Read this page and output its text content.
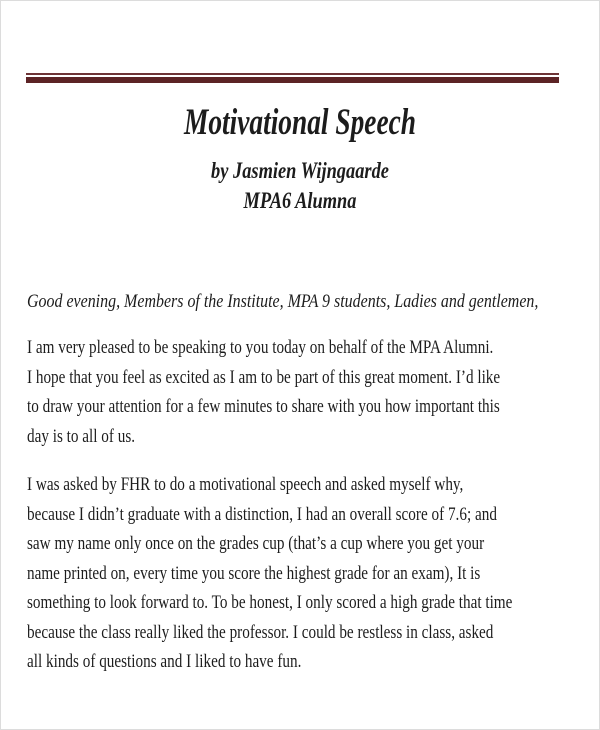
Motivational Speech
by Jasmien Wijngaarde
MPA6 Alumna

Good evening, Members of the Institute, MPA 9 students, Ladies and gentlemen,

I am very pleased to be speaking to you today on behalf of the MPA Alumni.
I hope that you feel as excited as I am to be part of this great moment. I’d like
to draw your attention for a few minutes to share with you how important this
day is to all of us.
I was asked by FHR to do a motivational speech and asked myself why,
because I didn’t graduate with a distinction, I had an overall score of 7.6; and
saw my name only once on the grades cup (that’s a cup where you get your
name printed on, every time you score the highest grade for an exam), It is
something to look forward to. To be honest, I only scored a high grade that time
because the class really liked the professor. I could be restless in class, asked
all kinds of questions and I liked to have fun.
